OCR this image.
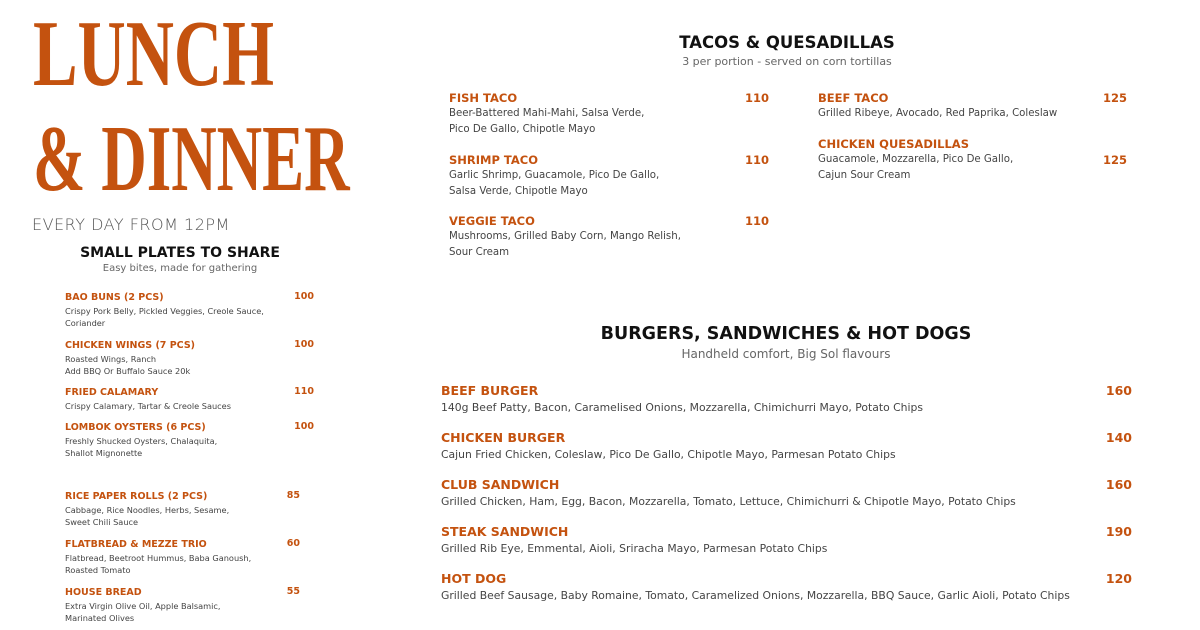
LUNCH
& DINNER
EVERY DAY FROM 12PM
SMALL PLATES TO SHARE
Easy bites, made for gathering
TACOS & QUESADILLAS
3 per portion - served on corn tortillas
BURGERS, SANDWICHES & HOT DOGS
Handheld comfort, Big Sol flavours
BAO BUNS (2 PCS)	100
Crispy Pork Belly, Pickled Veggies, Creole Sauce,
Coriander
CHICKEN WINGS (7 PCS)	100
Roasted Wings, Ranch
Add BBQ Or Buffalo Sauce 20k
FRIED CALAMARY	110
Crispy Calamary, Tartar & Creole Sauces
LOMBOK OYSTERS (6 PCS)	100
Freshly Shucked Oysters, Chalaquita,
Shallot Mignonette
RICE PAPER ROLLS (2 PCS)	85
Cabbage, Rice Noodles, Herbs, Sesame,
Sweet Chili Sauce
FLATBREAD & MEZZE TRIO	60
Flatbread, Beetroot Hummus, Baba Ganoush,
Roasted Tomato
HOUSE BREAD	55
Extra Virgin Olive Oil, Apple Balsamic,
Marinated Olives
FISH TACO	110
Beer-Battered Mahi-Mahi, Salsa Verde,
Pico De Gallo, Chipotle Mayo
SHRIMP TACO	110
Garlic Shrimp, Guacamole, Pico De Gallo,
Salsa Verde, Chipotle Mayo
VEGGIE TACO	110
Mushrooms, Grilled Baby Corn, Mango Relish,
Sour Cream
BEEF TACO	125
Grilled Ribeye, Avocado, Red Paprika, Coleslaw
CHICKEN QUESADILLAS
125
Guacamole, Mozzarella, Pico De Gallo,
Cajun Sour Cream
BEEF BURGER	160
140g Beef Patty, Bacon, Caramelised Onions, Mozzarella, Chimichurri Mayo, Potato Chips
CHICKEN BURGER	140
Cajun Fried Chicken, Coleslaw, Pico De Gallo, Chipotle Mayo, Parmesan Potato Chips
CLUB SANDWICH	160
Grilled Chicken, Ham, Egg, Bacon, Mozzarella, Tomato, Lettuce, Chimichurri & Chipotle Mayo, Potato Chips
STEAK SANDWICH	190
Grilled Rib Eye, Emmental, Aioli, Sriracha Mayo, Parmesan Potato Chips
HOT DOG	120
Grilled Beef Sausage, Baby Romaine, Tomato, Caramelized Onions, Mozzarella, BBQ Sauce, Garlic Aioli, Potato Chips
